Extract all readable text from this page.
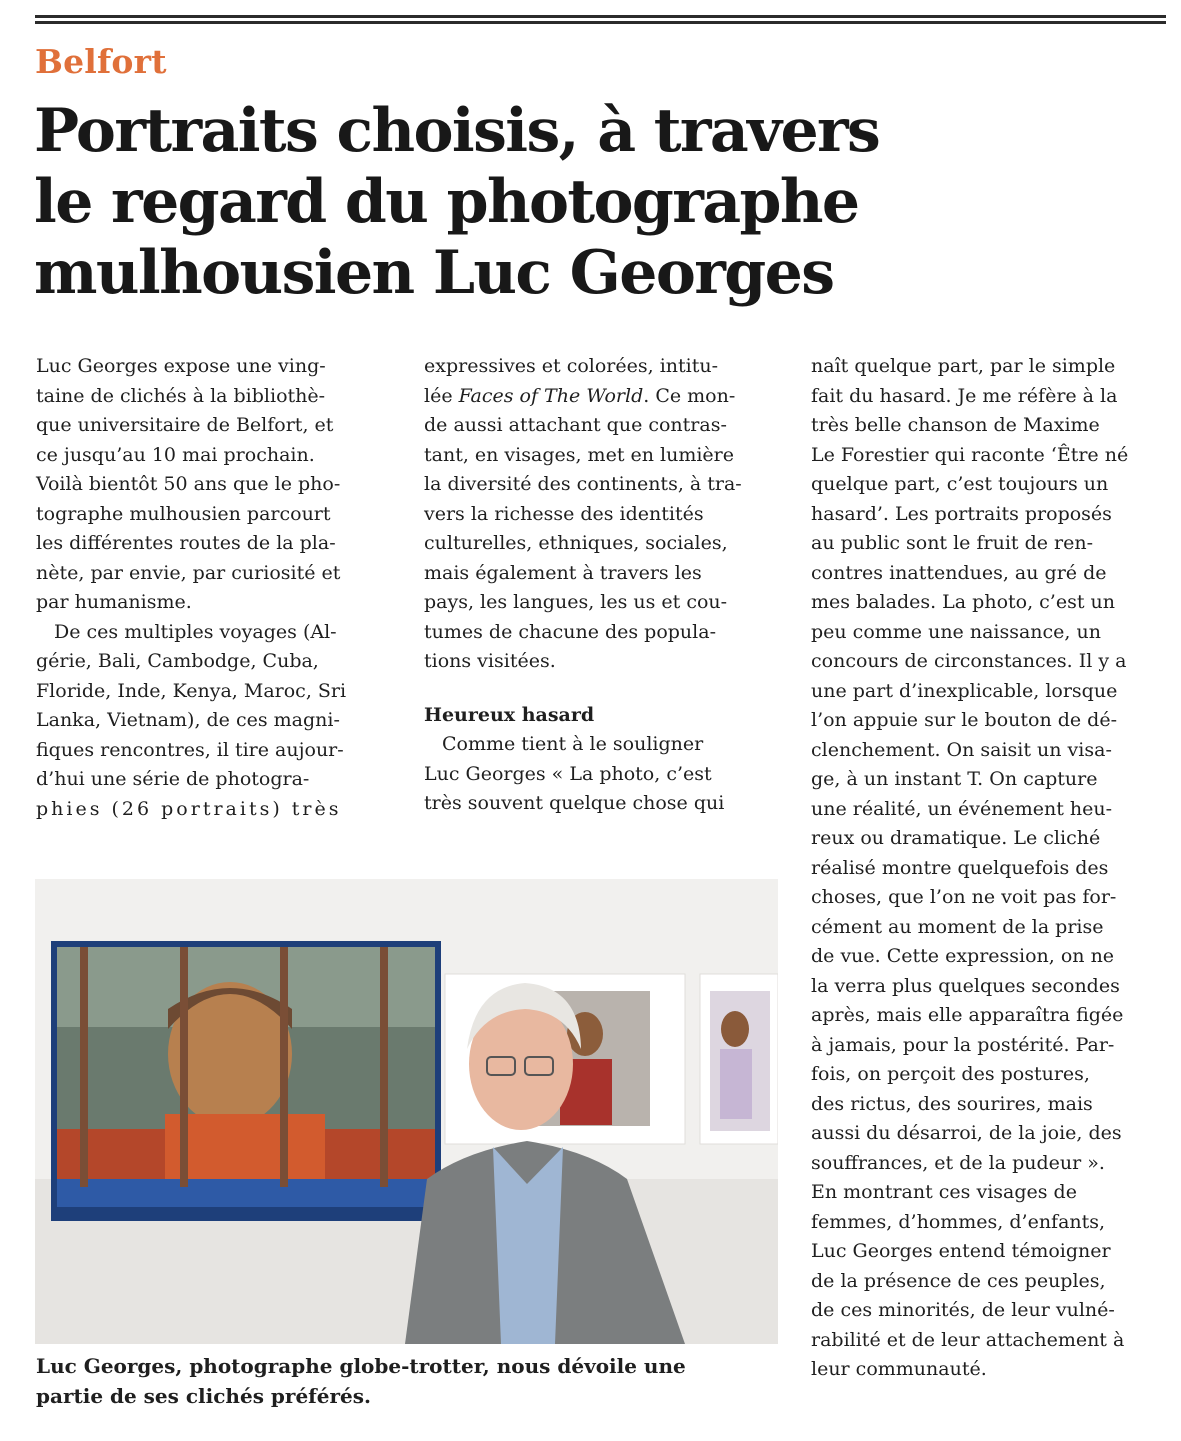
Belfort
Portraits choisis, à travers
le regard du photographe
mulhousien Luc Georges
Luc Georges expose une ving-
taine de clichés à la bibliothè-
que universitaire de Belfort, et
ce jusqu’au 10 mai prochain.
Voilà bientôt 50 ans que le pho-
tographe mulhousien parcourt
les différentes routes de la pla-
nète, par envie, par curiosité et
par humanisme.
De ces multiples voyages (Al-
gérie, Bali, Cambodge, Cuba,
Floride, Inde, Kenya, Maroc, Sri
Lanka, Vietnam), de ces magni-
fiques rencontres, il tire aujour-
d’hui une série de photogra-
phies (26 portraits) très
expressives et colorées, intitu-
lée Faces of The World. Ce mon-
de aussi attachant que contras-
tant, en visages, met en lumière
la diversité des continents, à tra-
vers la richesse des identités
culturelles, ethniques, sociales,
mais également à travers les
pays, les langues, les us et cou-
tumes de chacune des popula-
tions visitées.
Heureux hasard
Comme tient à le souligner
Luc Georges « La photo, c’est
très souvent quelque chose qui
naît quelque part, par le simple
fait du hasard. Je me réfère à la
très belle chanson de Maxime
Le Forestier qui raconte ‘Être né
quelque part, c’est toujours un
hasard’. Les portraits proposés
au public sont le fruit de ren-
contres inattendues, au gré de
mes balades. La photo, c’est un
peu comme une naissance, un
concours de circonstances. Il y a
une part d’inexplicable, lorsque
l’on appuie sur le bouton de dé-
clenchement. On saisit un visa-
ge, à un instant T. On capture
une réalité, un événement heu-
reux ou dramatique. Le cliché
réalisé montre quelquefois des
choses, que l’on ne voit pas for-
cément au moment de la prise
de vue. Cette expression, on ne
la verra plus quelques secondes
après, mais elle apparaîtra figée
à jamais, pour la postérité. Par-
fois, on perçoit des postures,
des rictus, des sourires, mais
aussi du désarroi, de la joie, des
souffrances, et de la pudeur ».
En montrant ces visages de
femmes, d’hommes, d’enfants,
Luc Georges entend témoigner
de la présence de ces peuples,
de ces minorités, de leur vulné-
rabilité et de leur attachement à
leur communauté.
Luc Georges, photographe globe-trotter, nous dévoile une
partie de ses clichés préférés.
